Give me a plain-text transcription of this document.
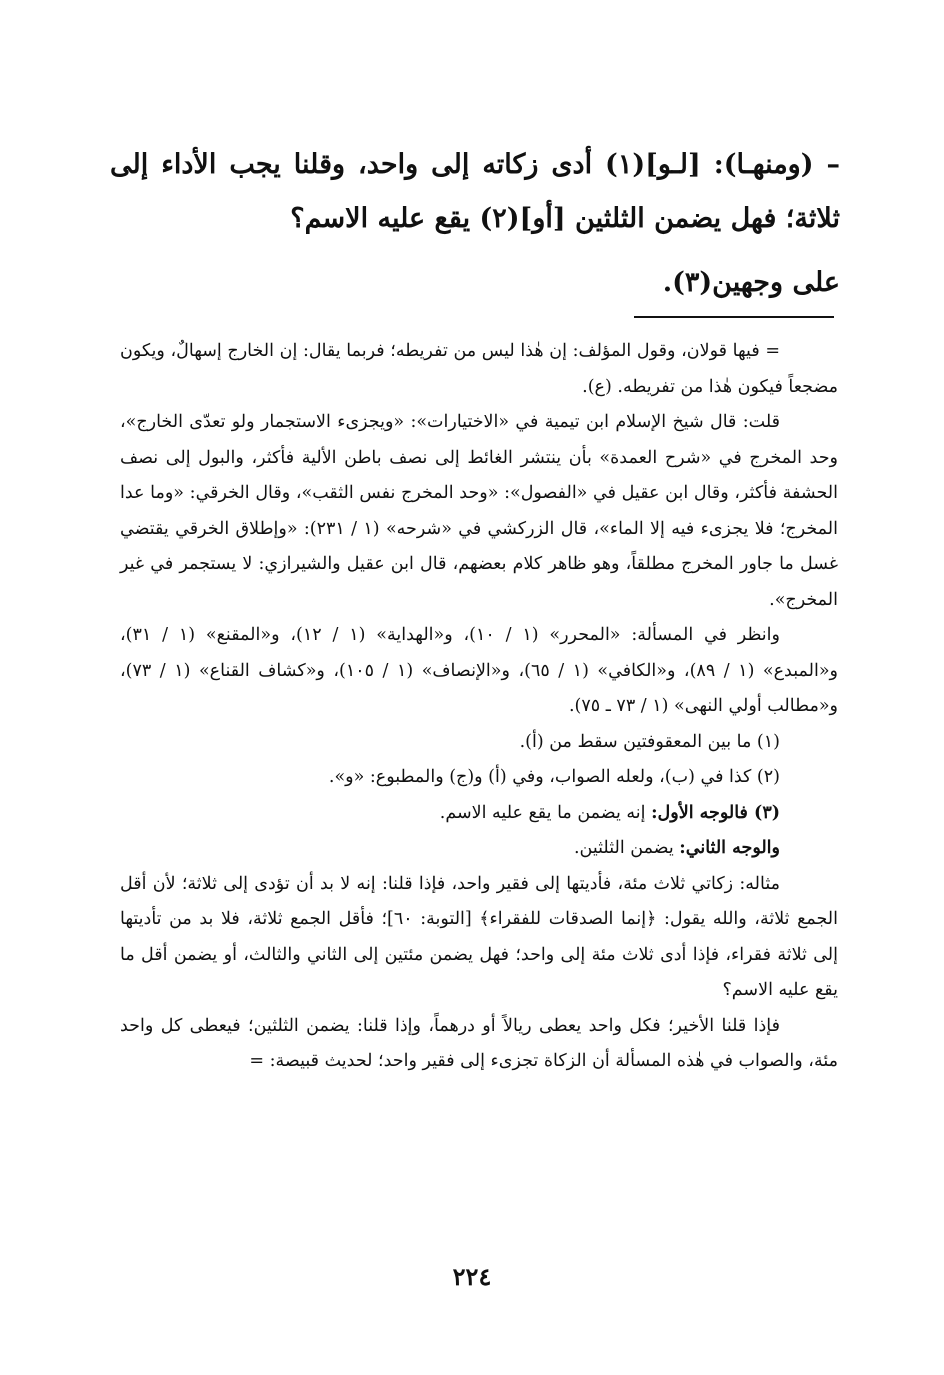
– (ومنهـا): [لـو](١) أدى زكاته إلى واحد، وقلنا يجب الأداء إلى ثلاثة؛ فهل يضمن الثلثين [أو](٢) يقع عليه الاسم؟

على وجهين(٣).

= فيها قولان، وقول المؤلف: إن هٰذا ليس من تفريطه؛ فربما يقال: إن الخارج إسهالٌ، ويكون مضجعاً فيكون هٰذا من تفريطه. (ع).

قلت: قال شيخ الإسلام ابن تيمية في «الاختيارات»: «ويجزىء الاستجمار ولو تعدّى الخارج»، وحد المخرج في «شرح العمدة» بأن ينتشر الغائط إلى نصف باطن الألية فأكثر، والبول إلى نصف الحشفة فأكثر، وقال ابن عقيل في «الفصول»: «وحد المخرج نفس الثقب»، وقال الخرقي: «وما عدا المخرج؛ فلا يجزىء فيه إلا الماء»، قال الزركشي في «شرحه» (١ / ٢٣١): «وإطلاق الخرقي يقتضي غسل ما جاور المخرج مطلقاً، وهو ظاهر كلام بعضهم، قال ابن عقيل والشيرازي: لا يستجمر في غير المخرج».

وانظر في المسألة: «المحرر» (١ / ١٠)، و«الهداية» (١ / ١٢)، و«المقنع» (١ / ٣١)، و«المبدع» (١ / ٨٩)، و«الكافي» (١ / ٦٥)، و«الإنصاف» (١ / ١٠٥)، و«كشاف القناع» (١ / ٧٣)، و«مطالب أولي النهى» (١ / ٧٣ ـ ٧٥).

(١) ما بين المعقوفتين سقط من (أ).

(٢) كذا في (ب)، ولعله الصواب، وفي (أ) و(ج) والمطبوع: «و».

(٣) فالوجه الأول: إنه يضمن ما يقع عليه الاسم.

والوجه الثاني: يضمن الثلثين.

مثاله: زكاتي ثلاث مئة، فأديتها إلى فقير واحد، فإذا قلنا: إنه لا بد أن تؤدى إلى ثلاثة؛ لأن أقل الجمع ثلاثة، والله يقول: ﴿إنما الصدقات للفقراء﴾ [التوبة: ٦٠]؛ فأقل الجمع ثلاثة، فلا بد من تأديتها إلى ثلاثة فقراء، فإذا أدى ثلاث مئة إلى واحد؛ فهل يضمن مئتين إلى الثاني والثالث، أو يضمن أقل ما يقع عليه الاسم؟

فإذا قلنا الأخير؛ فكل واحد يعطى ريالاً أو درهماً، وإذا قلنا: يضمن الثلثين؛ فيعطى كل واحد مئة، والصواب في هٰذه المسألة أن الزكاة تجزىء إلى فقير واحد؛ لحديث قبيصة: =

٢٢٤
